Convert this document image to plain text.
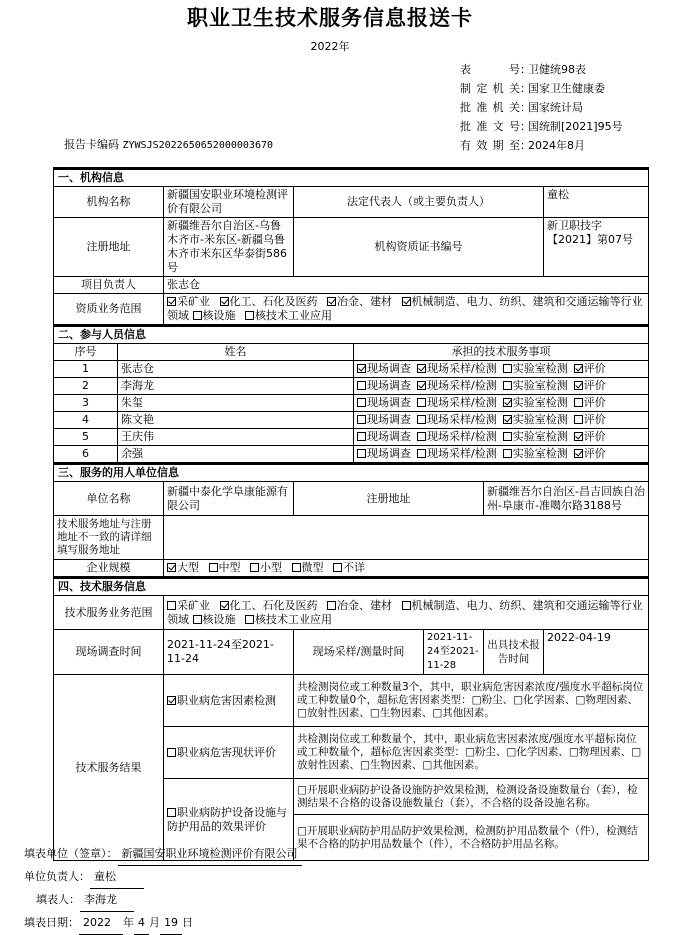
职业卫生技术服务信息报送卡
2022年
表号 ：
卫健统98表
制定机关 ：
国家卫生健康委
批准机关 ：
国家统计局
批准文号 ：
国统制[2021]95号
有效期至 ：
2024年8月
报告卡编码 ZYWSJS2022650652000003670
一、机构信息							
机构名称		新疆国安职业环境检测评价有限公司	法定代表人（或主要负责人）				童松
注册地址		新疆维吾尔自治区-乌鲁木齐市-米东区-新疆乌鲁木齐市米东区华泰街586号	机构资质证书编号				新卫职技字【2021】第07号
项目负责人		张志仓					
资质业务范围		采矿业 化工、石化及医药 冶金、建材 机械制造、电力、纺织、建筑和交通运输等行业领域 核设施 核技术工业应用					
二、参与人员信息							
序号	姓名			承担的技术服务事项			
1	张志仓			现场调查 现场采样/检测 实验室检测 评价			
2	李海龙			现场调查 现场采样/检测 实验室检测 评价			
3	朱玺			现场调查 现场采样/检测 实验室检测 评价			
4	陈文艳			现场调查 现场采样/检测 实验室检测 评价			
5	王庆伟			现场调查 现场采样/检测 实验室检测 评价			
6	余强			现场调查 现场采样/检测 实验室检测 评价			
三、服务的用人单位信息							
单位名称		新疆中泰化学阜康能源有限公司	注册地址			新疆维吾尔自治区-昌吉回族自治州-阜康市-准噶尔路3188号	
技术服务地址与注册地址不一致的请详细填写服务地址							
企业规模		大型 中型 小型 微型 不详					
四、技术服务信息							
技术服务业务范围		采矿业 化工、石化及医药 冶金、建材 机械制造、电力、纺织、建筑和交通运输等行业领域 核设施 核技术工业应用					
现场调查时间		2021-11-24至2021-11-24	现场采样/测量时间		2021-11-24至2021-11-28	出具技术报告时间	2022-04-19
技术服务结果		职业病危害因素检测	共检测岗位或工种数量3个，其中，职业病危害因素浓度/强度水平超标岗位或工种数量0个，超标危害因素类型：□粉尘、□化学因素、□物理因素、□放射性因素、□生物因素、□其他因素。				
		职业病危害现状评价	共检测岗位或工种数量个，其中，职业病危害因素浓度/强度水平超标岗位或工种数量个，超标危害因素类型：□粉尘、□化学因素、□物理因素、□放射性因素、□生物因素、□其他因素。				
		职业病防护设备设施与防护用品的效果评价	□开展职业病防护设备设施防护效果检测，检测设备设施数量台（套），检测结果不合格的设备设施数量台（套），不合格的设备设施名称。				
			□开展职业病防护用品防护效果检测，检测防护用品数量个（件），检测结果不合格的防护用品数量个（件），不合格防护用品名称。				
填表单位（签章）： 新疆国安职业环境检测评价有限公司
单位负责人： 童松
填表人： 李海龙
填表日期： 2022 年 4 月 19 日
